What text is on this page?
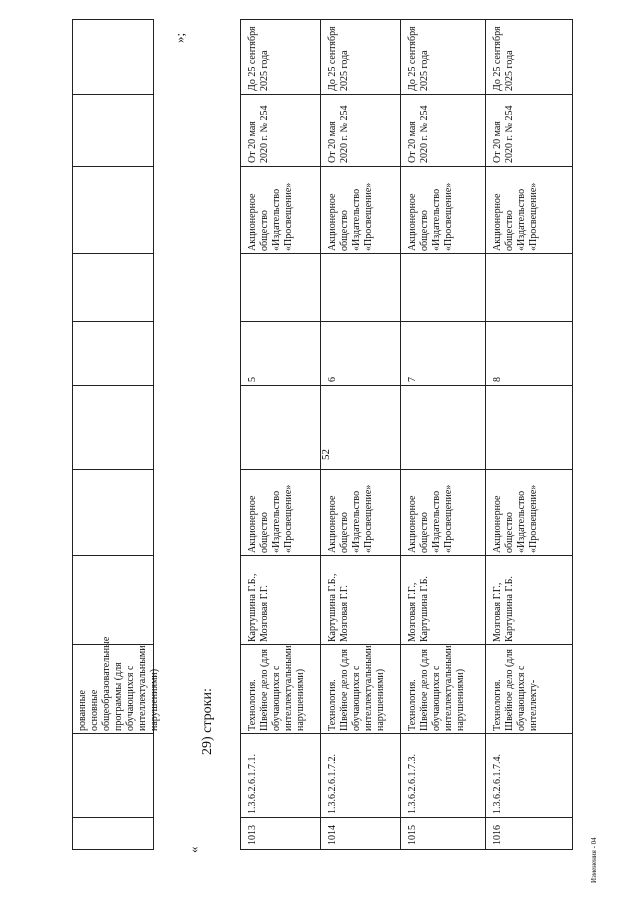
рованные основные общеобразовательные программы (для обучающихся с интеллектуальными нарушениями)
»;
«
29) строки:
1013
1.3.6.2.6.1.7.1.
Технология. Швейное дело (для обучающихся с интеллектуальными нарушениями)
Картушина Г.Б., Мозговая Г.Г.
Акционерное общество «Издательство «Просвещение»
5
Акционерное общество «Издательство «Просвещение»
От 20 мая 2020 г. № 254
До 25 сентября 2025 года
1014
1.3.6.2.6.1.7.2.
Технология. Швейное дело (для обучающихся с интеллектуальными нарушениями)
Картушина Г.Б., Мозговая Г.Г.
Акционерное общество «Издательство «Просвещение»
6
Акционерное общество «Издательство «Просвещение»
От 20 мая 2020 г. № 254
До 25 сентября 2025 года
1015
1.3.6.2.6.1.7.3.
Технология. Швейное дело (для обучающихся с интеллектуальными нарушениями)
Мозговая Г.Г., Картушина Г.Б.
Акционерное общество «Издательство «Просвещение»
7
Акционерное общество «Издательство «Просвещение»
От 20 мая 2020 г. № 254
До 25 сентября 2025 года
1016
1.3.6.2.6.1.7.4.
Технология. Швейное дело (для обучающихся с интеллекту-
Мозговая Г.Г., Картушина Г.Б.
Акционерное общество «Издательство «Просвещение»
8
Акционерное общество «Издательство «Просвещение»
От 20 мая 2020 г. № 254
До 25 сентября 2025 года
52
Изменения - 04
